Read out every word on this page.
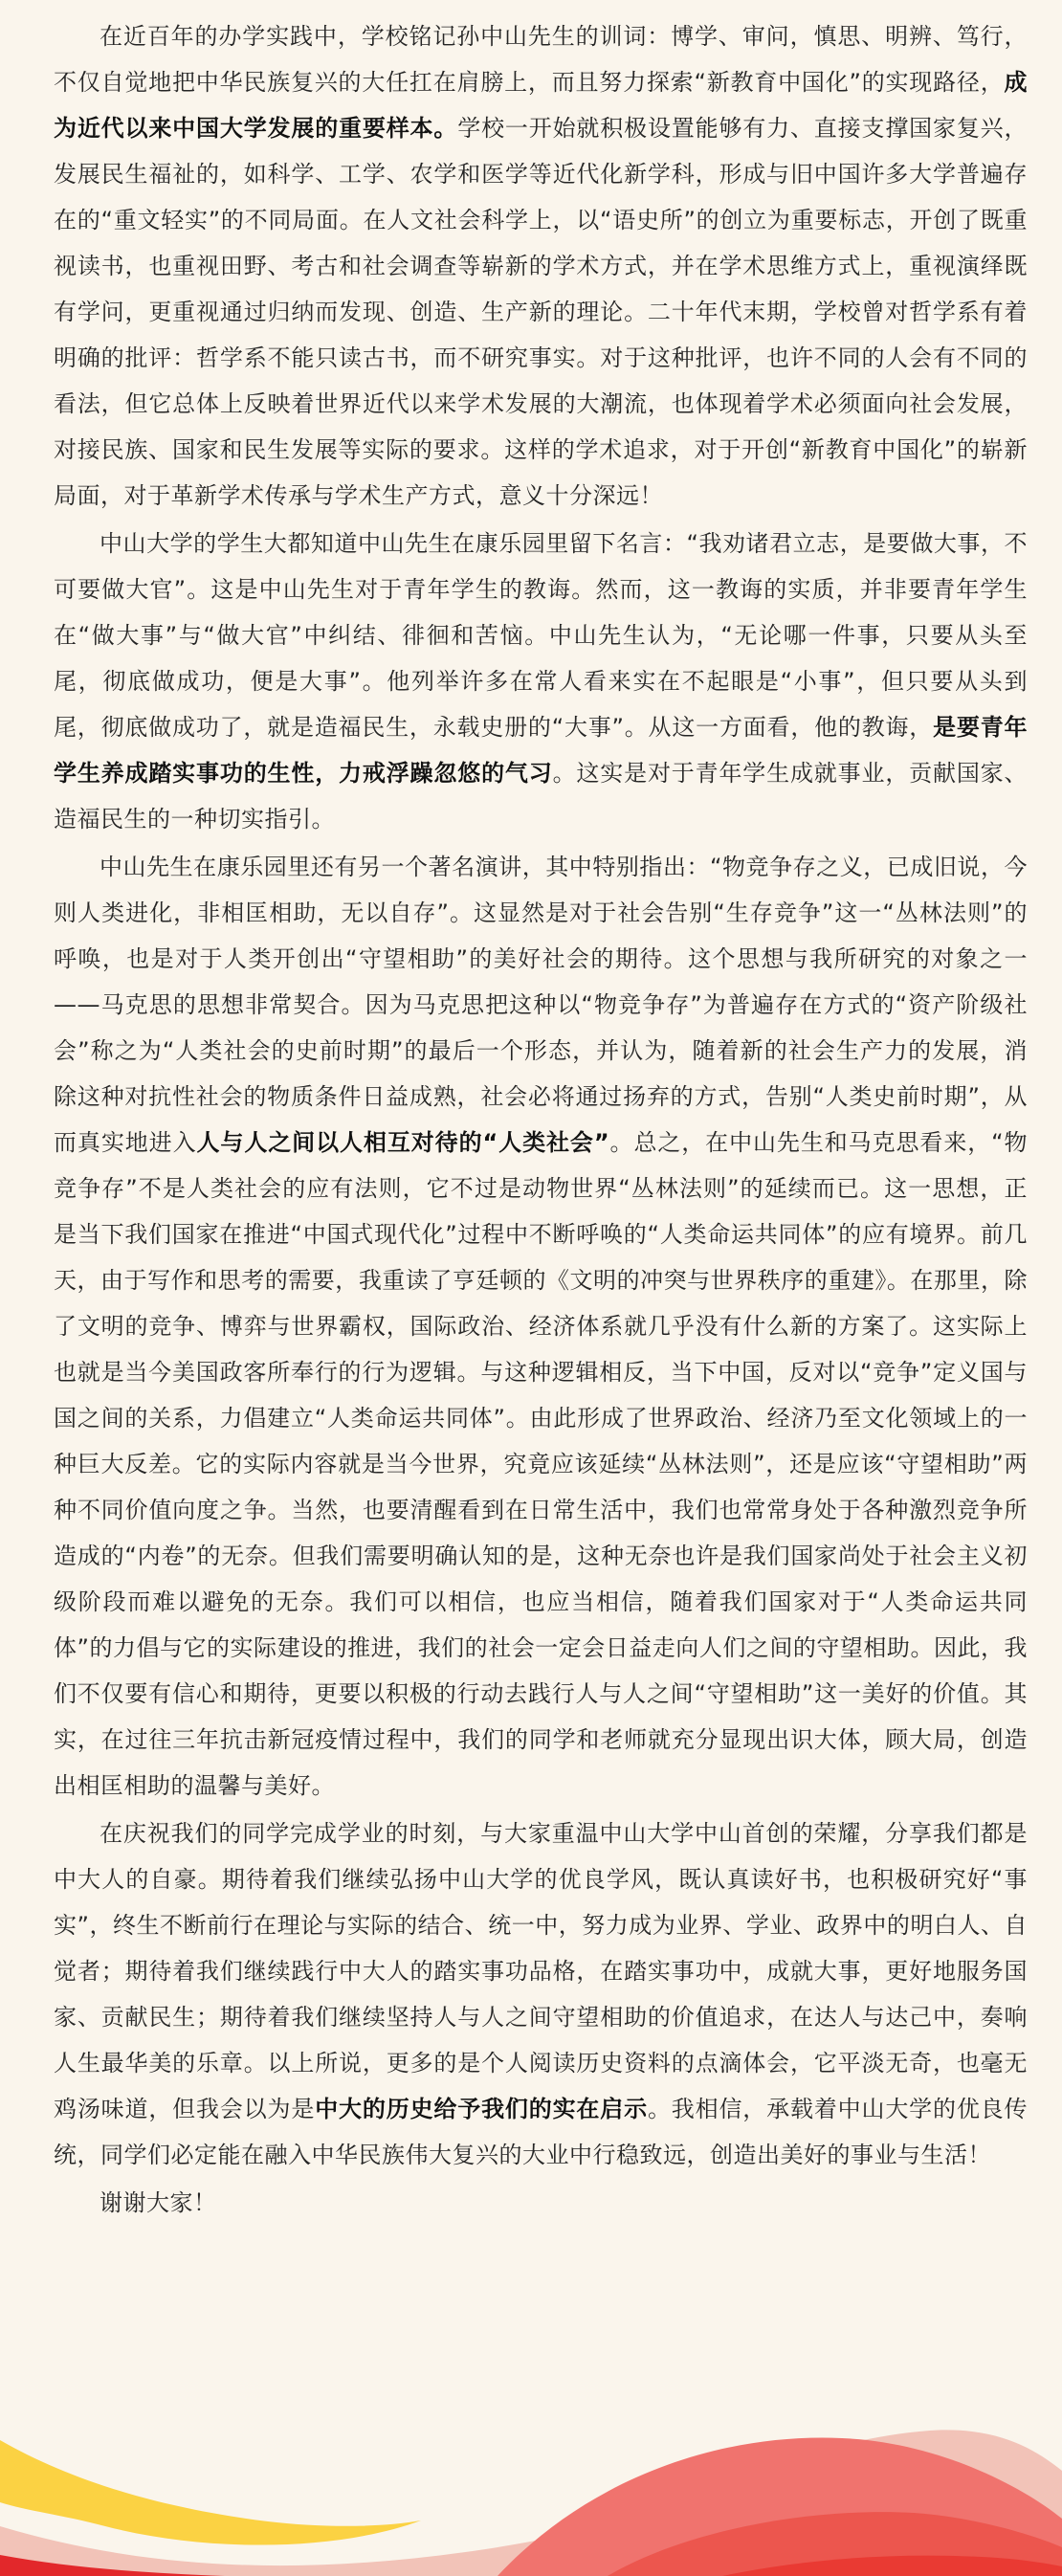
在近百年的办学实践中，学校铭记孙中山先生的训词：博学、审问，慎思、明辨、笃行，不仅自觉地把中华民族复兴的大任扛在肩膀上，而且努力探索“新教育中国化”的实现路径，成为近代以来中国大学发展的重要样本。学校一开始就积极设置能够有力、直接支撑国家复兴，发展民生福祉的，如科学、工学、农学和医学等近代化新学科，形成与旧中国许多大学普遍存在的“重文轻实”的不同局面。在人文社会科学上，以“语史所”的创立为重要标志，开创了既重视读书，也重视田野、考古和社会调查等崭新的学术方式，并在学术思维方式上，重视演绎既有学问，更重视通过归纳而发现、创造、生产新的理论。二十年代末期，学校曾对哲学系有着明确的批评：哲学系不能只读古书，而不研究事实。对于这种批评，也许不同的人会有不同的看法，但它总体上反映着世界近代以来学术发展的大潮流，也体现着学术必须面向社会发展，对接民族、国家和民生发展等实际的要求。这样的学术追求，对于开创“新教育中国化”的崭新局面，对于革新学术传承与学术生产方式，意义十分深远！

中山大学的学生大都知道中山先生在康乐园里留下名言：“我劝诸君立志，是要做大事，不可要做大官”。这是中山先生对于青年学生的教诲。然而，这一教诲的实质，并非要青年学生在“做大事”与“做大官”中纠结、徘徊和苦恼。中山先生认为，“无论哪一件事，只要从头至尾，彻底做成功，便是大事”。他列举许多在常人看来实在不起眼是“小事”，但只要从头到尾，彻底做成功了，就是造福民生，永载史册的“大事”。从这一方面看，他的教诲，是要青年学生养成踏实事功的生性，力戒浮躁忽悠的气习。这实是对于青年学生成就事业，贡献国家、造福民生的一种切实指引。

中山先生在康乐园里还有另一个著名演讲，其中特别指出：“物竞争存之义，已成旧说，今则人类进化，非相匡相助，无以自存”。这显然是对于社会告别“生存竞争”这一“丛林法则”的呼唤，也是对于人类开创出“守望相助”的美好社会的期待。这个思想与我所研究的对象之一——马克思的思想非常契合。因为马克思把这种以“物竞争存”为普遍存在方式的“资产阶级社会”称之为“人类社会的史前时期”的最后一个形态，并认为，随着新的社会生产力的发展，消除这种对抗性社会的物质条件日益成熟，社会必将通过扬弃的方式，告别“人类史前时期”，从而真实地进入人与人之间以人相互对待的“人类社会”。总之，在中山先生和马克思看来，“物竞争存”不是人类社会的应有法则，它不过是动物世界“丛林法则”的延续而已。这一思想，正是当下我们国家在推进“中国式现代化”过程中不断呼唤的“人类命运共同体”的应有境界。前几天，由于写作和思考的需要，我重读了亨廷顿的《文明的冲突与世界秩序的重建》。在那里，除了文明的竞争、博弈与世界霸权，国际政治、经济体系就几乎没有什么新的方案了。这实际上也就是当今美国政客所奉行的行为逻辑。与这种逻辑相反，当下中国，反对以“竞争”定义国与国之间的关系，力倡建立“人类命运共同体”。由此形成了世界政治、经济乃至文化领域上的一种巨大反差。它的实际内容就是当今世界，究竟应该延续“丛林法则”，还是应该“守望相助”两种不同价值向度之争。当然，也要清醒看到在日常生活中，我们也常常身处于各种激烈竞争所造成的“内卷”的无奈。但我们需要明确认知的是，这种无奈也许是我们国家尚处于社会主义初级阶段而难以避免的无奈。我们可以相信，也应当相信，随着我们国家对于“人类命运共同体”的力倡与它的实际建设的推进，我们的社会一定会日益走向人们之间的守望相助。因此，我们不仅要有信心和期待，更要以积极的行动去践行人与人之间“守望相助”这一美好的价值。其实，在过往三年抗击新冠疫情过程中，我们的同学和老师就充分显现出识大体，顾大局，创造出相匡相助的温馨与美好。

在庆祝我们的同学完成学业的时刻，与大家重温中山大学中山首创的荣耀，分享我们都是中大人的自豪。期待着我们继续弘扬中山大学的优良学风，既认真读好书，也积极研究好“事实”，终生不断前行在理论与实际的结合、统一中，努力成为业界、学业、政界中的明白人、自觉者；期待着我们继续践行中大人的踏实事功品格，在踏实事功中，成就大事，更好地服务国家、贡献民生；期待着我们继续坚持人与人之间守望相助的价值追求，在达人与达己中，奏响人生最华美的乐章。以上所说，更多的是个人阅读历史资料的点滴体会，它平淡无奇，也毫无鸡汤味道，但我会以为是中大的历史给予我们的实在启示。我相信，承载着中山大学的优良传统，同学们必定能在融入中华民族伟大复兴的大业中行稳致远，创造出美好的事业与生活！

谢谢大家！
